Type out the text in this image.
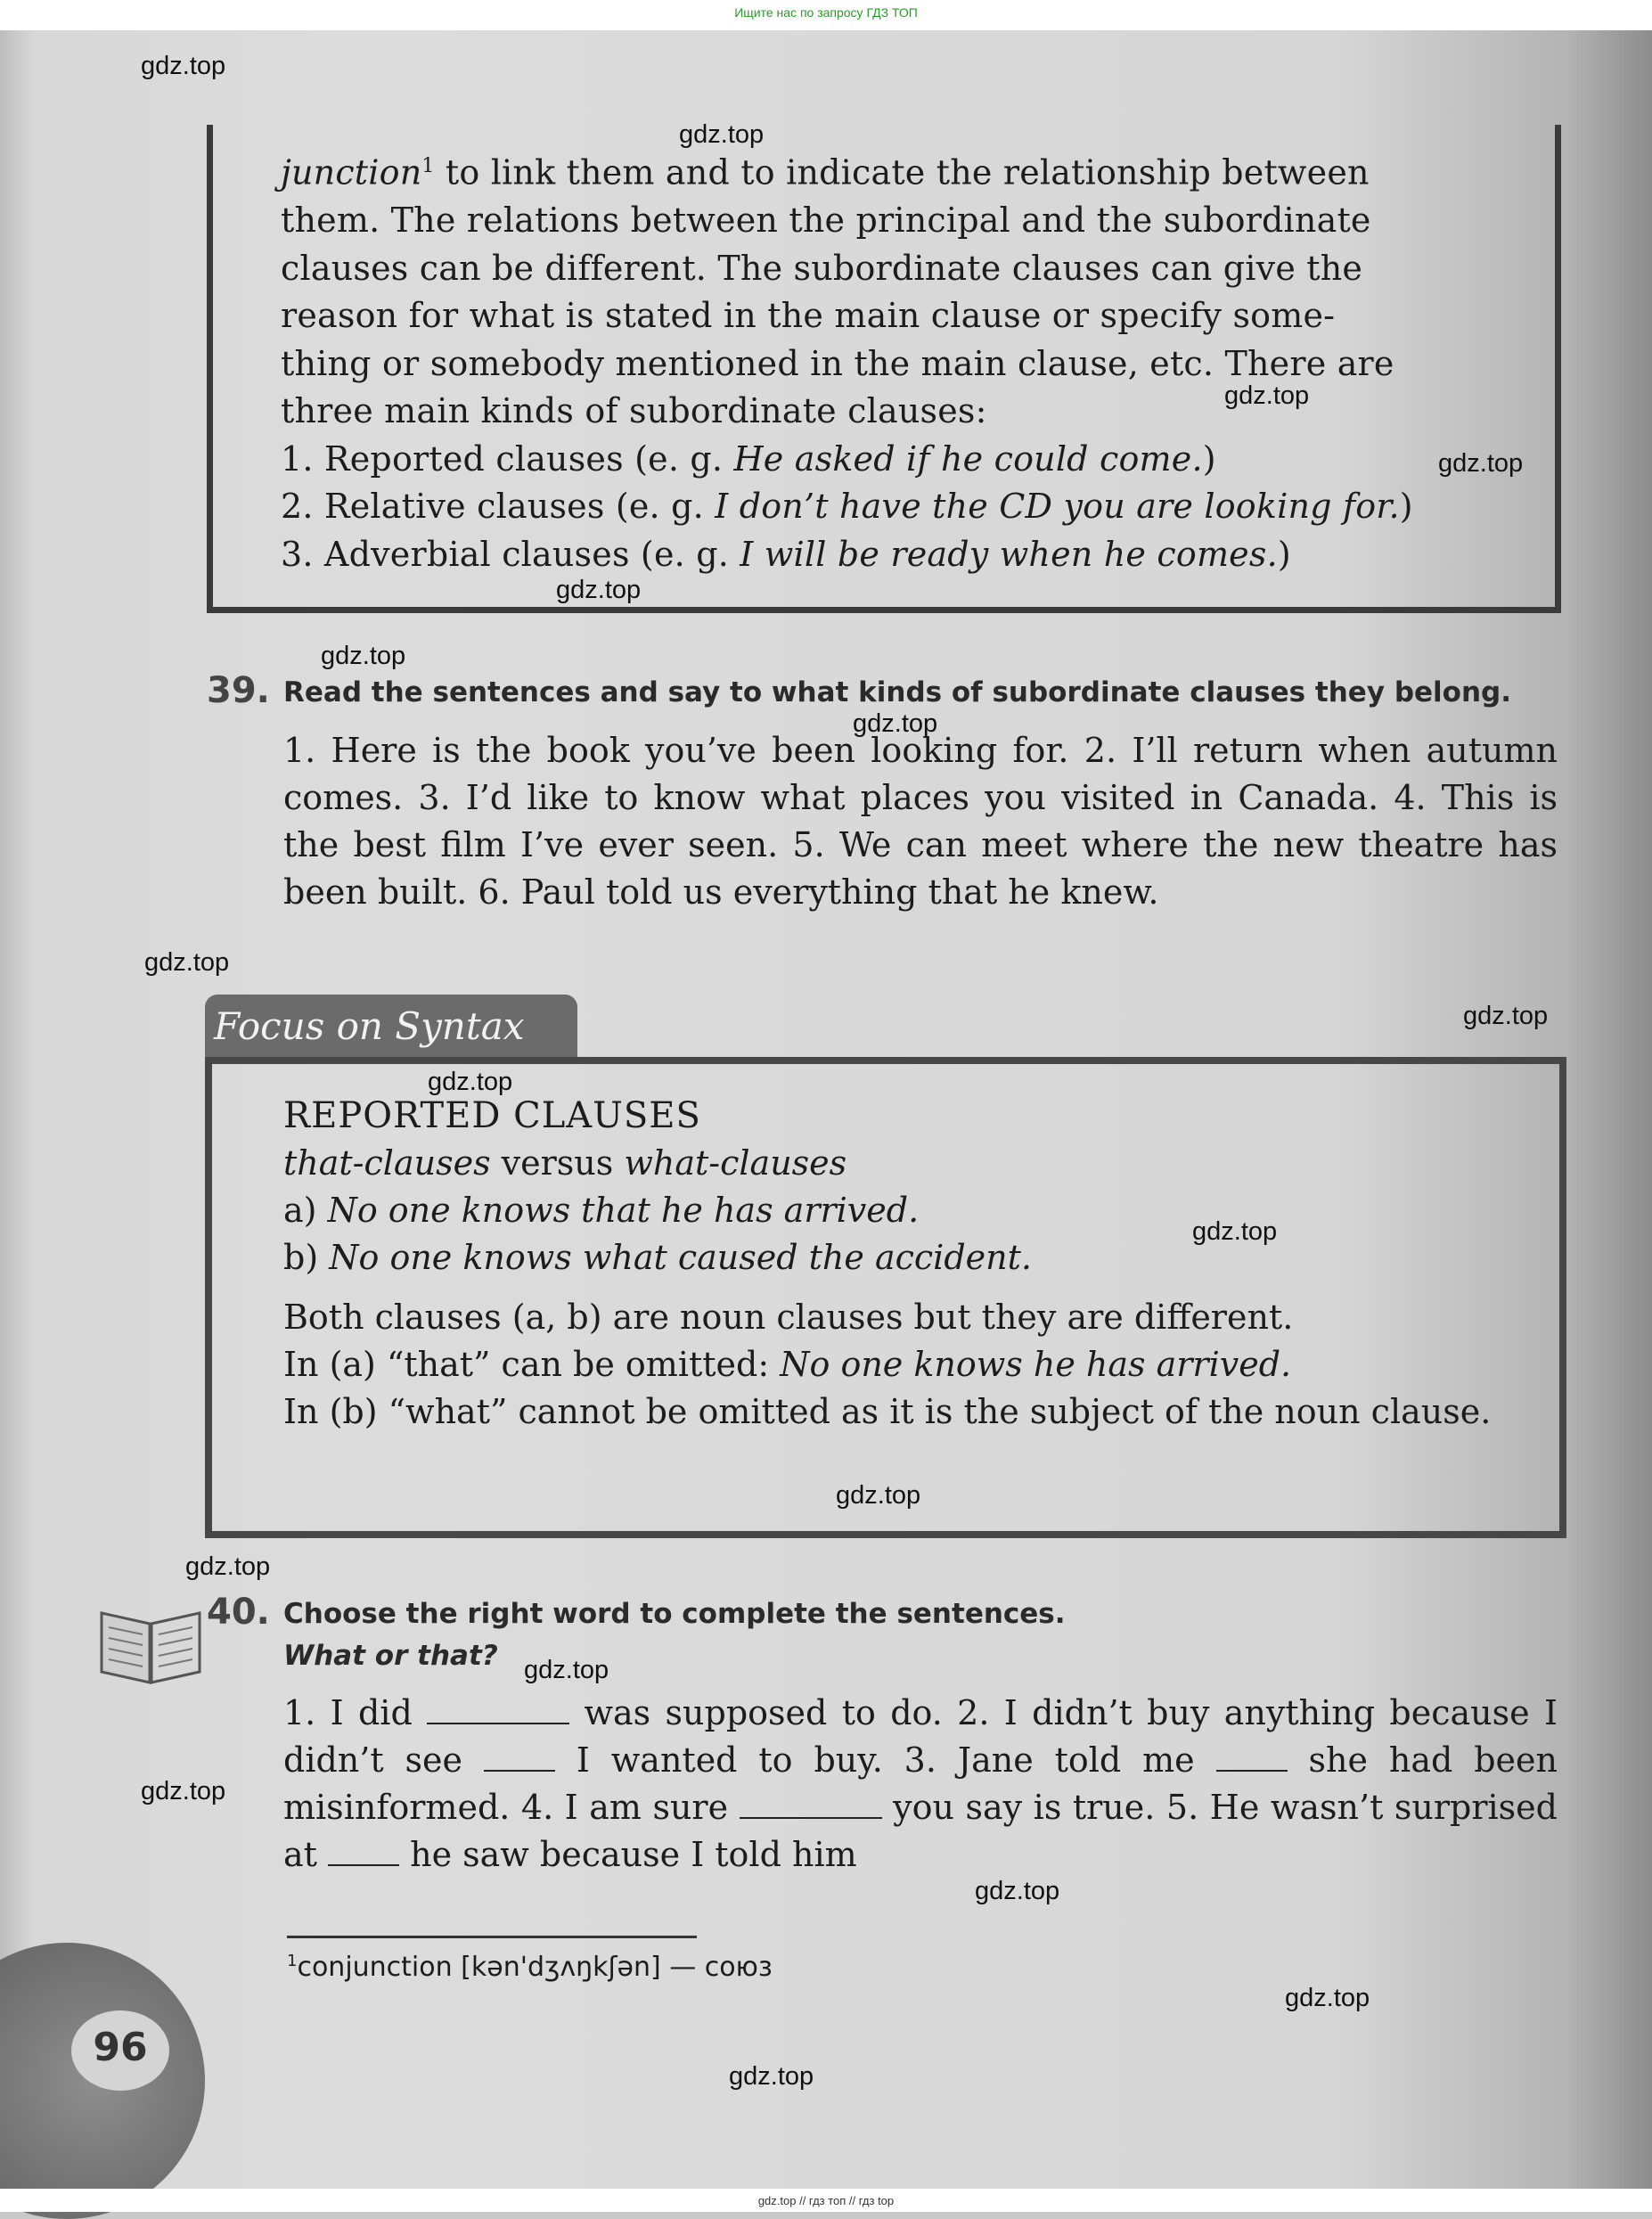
Ищите нас по запросу ГДЗ ТОП
gdz.top
gdz.top
gdz.top
gdz.top
gdz.top
gdz.top
gdz.top
gdz.top
gdz.top
gdz.top
gdz.top
gdz.top
gdz.top
gdz.top
gdz.top
gdz.top
gdz.top
gdz.top

junction$^1$ to link them and to indicate the relationship between

them. The relations between the principal and the subordinate

clauses can be different. The subordinate clauses can give the

reason for what is stated in the main clause or specify some-

thing or somebody mentioned in the main clause, etc. There are

three main kinds of subordinate clauses:

1. Reported clauses (e. g. He asked if he could come.)

2. Relative clauses (e. g. I don’t have the CD you are looking for.)

3. Adverbial clauses (e. g. I will be ready when he comes.)

39. Read the sentences and say to what kinds of subordinate clauses they belong.
1. Here is the book you’ve been looking for. 2. I’ll return when autumn comes. 3. I’d like to know what places you visited in Canada. 4. This is the best film I’ve ever seen. 5. We can meet where the new theatre has been built. 6. Paul told us everything that he knew.
Focus on Syntax
REPORTED CLAUSES
that-clauses versus what-clauses
a) No one knows that he has arrived.
b) No one knows what caused the accident.
Both clauses (a, b) are noun clauses but they are different.
In (a) “that” can be omitted: No one knows he has arrived.
In (b) “what” cannot be omitted as it is the subject of the noun clause.
40. Choose the right word to complete the sentences.
What or that?
1. I did	was supposed to do. 2. I didn’t buy anything because I didn’t see  I wanted to buy. 3. Jane told me  she had been misinformed. 4. I am sure	you say is true. 5. He wasn’t surprised at  he saw because I told him
$^1$conjunction [kən'dʒʌŋkʃən] — союз
96
gdz.top // гдз топ // гдз top
